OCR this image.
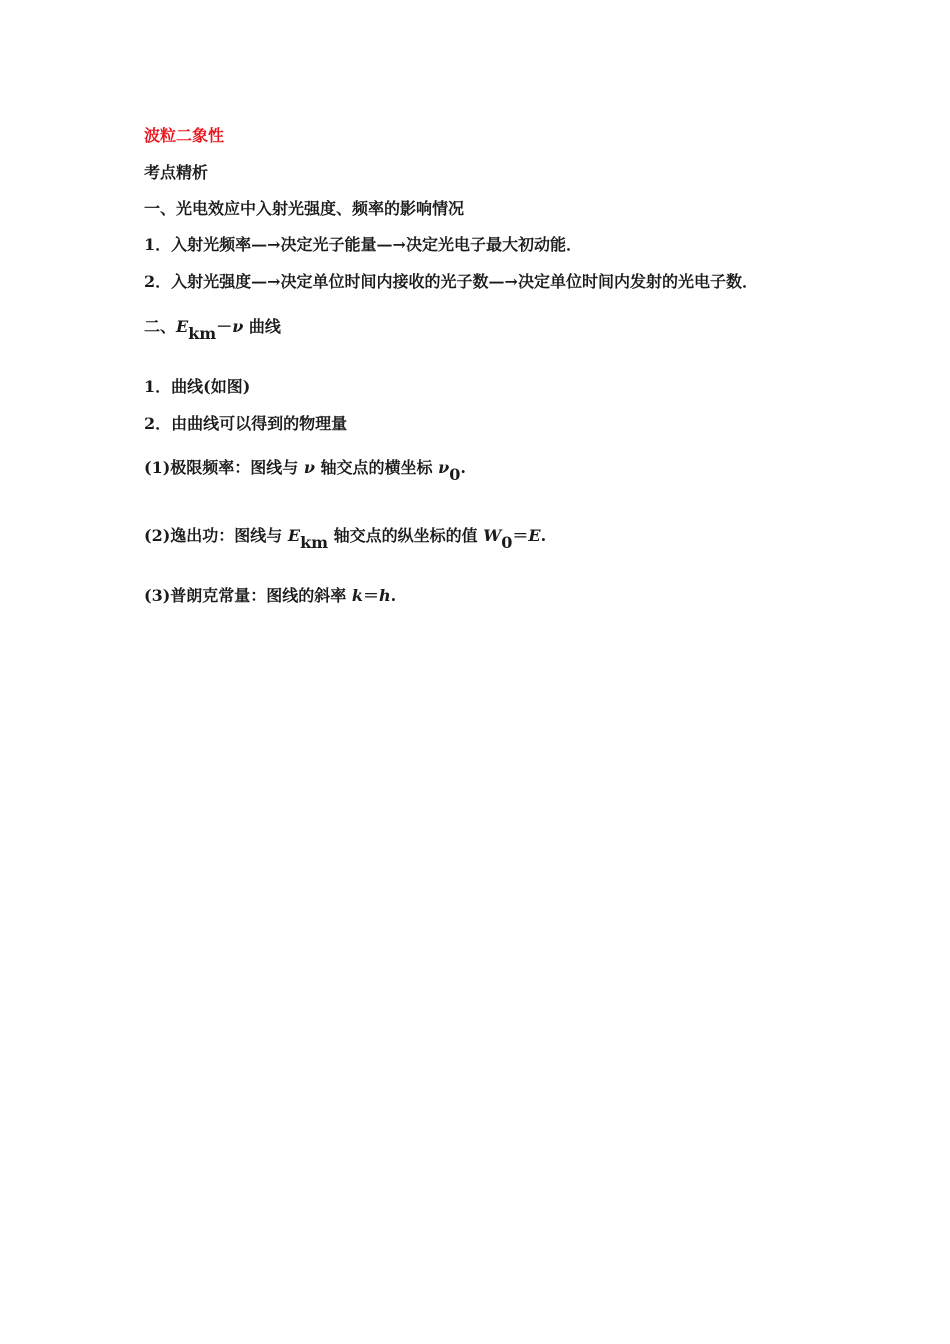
波粒二象性
考点精析
一、光电效应中入射光强度、频率的影响情况
1．入射光频率—→决定光子能量—→决定光电子最大初动能．
2．入射光强度—→决定单位时间内接收的光子数—→决定单位时间内发射的光电子数．
二、Ekm－ν 曲线
1．曲线(如图)
2．由曲线可以得到的物理量
(1)极限频率：图线与 ν 轴交点的横坐标 ν0.
(2)逸出功：图线与 Ekm 轴交点的纵坐标的值 W0＝E.
(3)普朗克常量：图线的斜率 k＝h.
